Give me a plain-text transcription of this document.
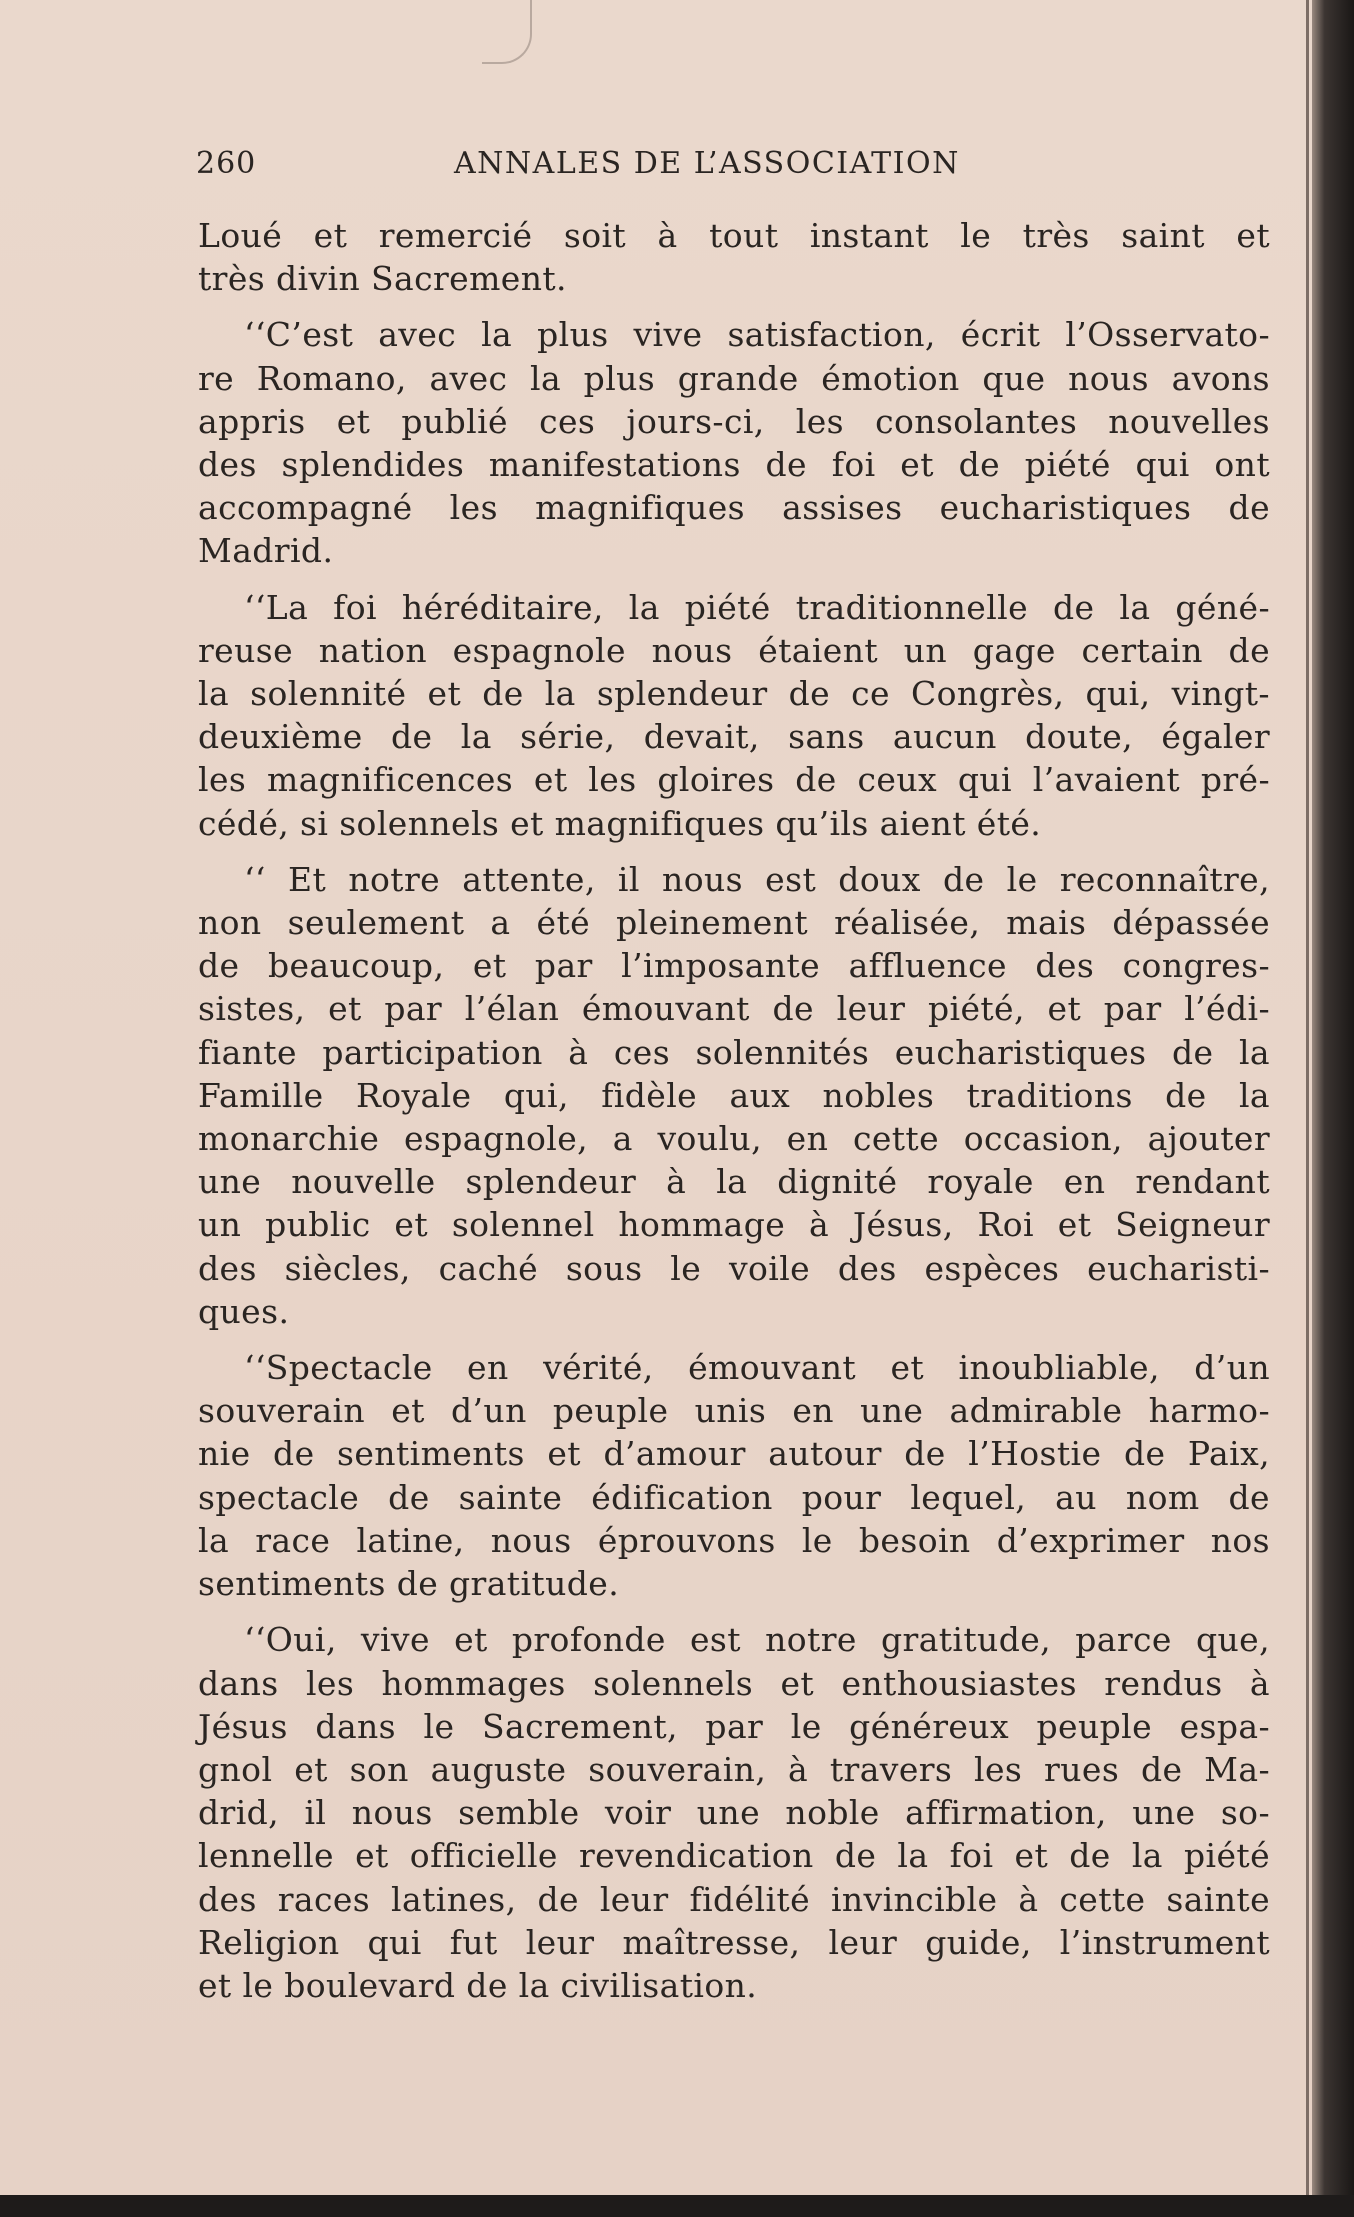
260	ANNALES DE L’ASSOCIATION
Loué et remercié soit à tout instant le très saint et
très divin Sacrement.
‘‘C’est avec la plus vive satisfaction, écrit l’Osservato-
re Romano, avec la plus grande émotion que nous avons
appris et publié ces jours-ci, les consolantes nouvelles
des splendides manifestations de foi et de piété qui ont
accompagné les magnifiques assises eucharistiques de
Madrid.
‘‘La foi héréditaire, la piété traditionnelle de la géné-
reuse nation espagnole nous étaient un gage certain de
la solennité et de la splendeur de ce Congrès, qui, vingt-
deuxième de la série, devait, sans aucun doute, égaler
les magnificences et les gloires de ceux qui l’avaient pré-
cédé, si solennels et magnifiques qu’ils aient été.
‘‘ Et notre attente, il nous est doux de le reconnaître,
non seulement a été pleinement réalisée, mais dépassée
de beaucoup, et par l’imposante affluence des congres-
sistes, et par l’élan émouvant de leur piété, et par l’édi-
fiante participation à ces solennités eucharistiques de la
Famille Royale qui, fidèle aux nobles traditions de la
monarchie espagnole, a voulu, en cette occasion, ajouter
une nouvelle splendeur à la dignité royale en rendant
un public et solennel hommage à Jésus, Roi et Seigneur
des siècles, caché sous le voile des espèces eucharisti-
ques.
‘‘Spectacle en vérité, émouvant et inoubliable, d’un
souverain et d’un peuple unis en une admirable harmo-
nie de sentiments et d’amour autour de l’Hostie de Paix,
spectacle de sainte édification pour lequel, au nom de
la race latine, nous éprouvons le besoin d’exprimer nos
sentiments de gratitude.
‘‘Oui, vive et profonde est notre gratitude, parce que,
dans les hommages solennels et enthousiastes rendus à
Jésus dans le Sacrement, par le généreux peuple espa-
gnol et son auguste souverain, à travers les rues de Ma-
drid, il nous semble voir une noble affirmation, une so-
lennelle et officielle revendication de la foi et de la piété
des races latines, de leur fidélité invincible à cette sainte
Religion qui fut leur maîtresse, leur guide, l’instrument
et le boulevard de la civilisation.
